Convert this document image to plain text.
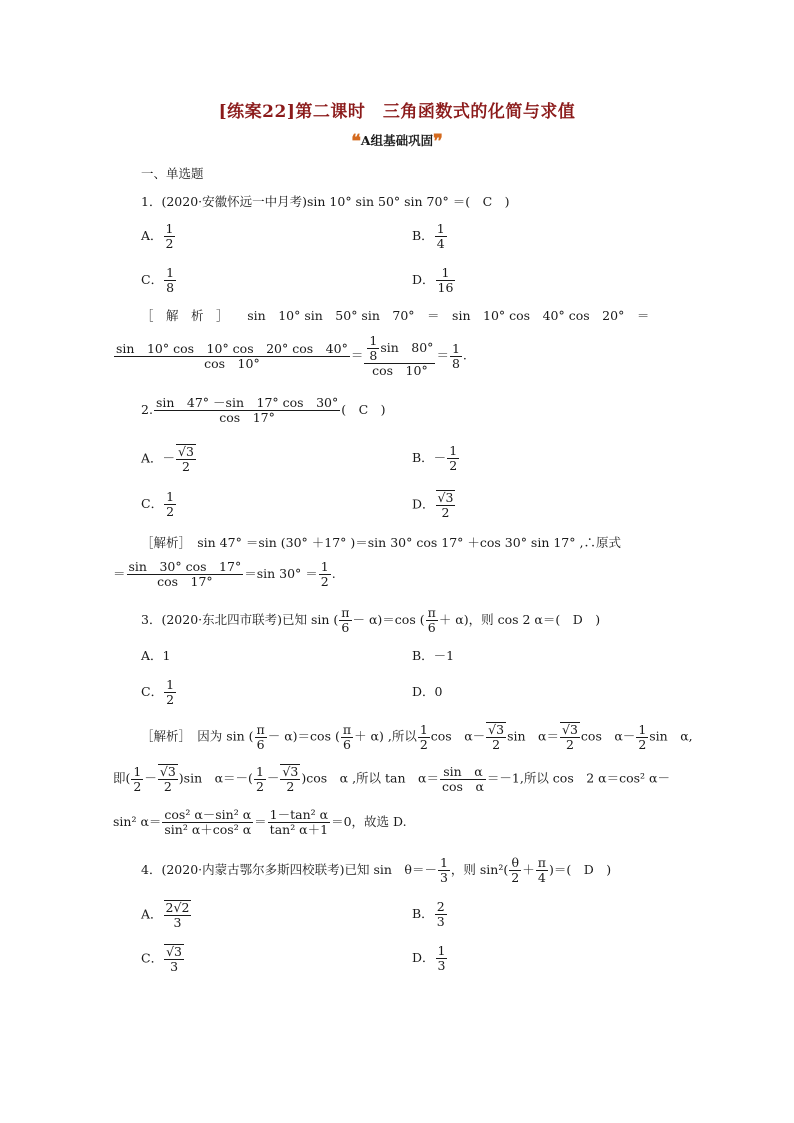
[练案22]第二课时　三角函数式的化简与求值
❝A组基础巩固❞
一、单选题
1．(2020·安徽怀远一中月考)sin 10° sin 50° sin 70° ＝(　C　)
A． $\frac{1}{2}$	B． $\frac{1}{4}$
C． $\frac{1}{8}$	D． $\frac{1}{16}$
［　解　析　］　　sin　10° sin　50° sin　70°　＝　sin　10° cos　40° cos　20°　＝
$\frac{\sin 10^\circ \cos 10^\circ \cos 20^\circ \cos 40^\circ}{\cos 10^\circ} = \frac{\frac{1}{8} \sin 80^\circ}{\cos 10^\circ} = \frac{1}{8}$ .
2. $\frac{\sin 47^\circ -\sin 17^\circ \cos 30^\circ}{\cos 17^\circ}$ (　C　)
A．－ $\frac{√3}{2}$	B．－ $\frac{1}{2}$
C． $\frac{1}{2}$	D． $\frac{√3}{2}$
［解析］　sin 47° ＝sin (30° ＋17° )＝sin 30° cos 17° ＋cos 30° sin 17° ,∴原式
＝ $\frac{\sin 30^\circ \cos 17^\circ}{\cos 17^\circ} =\sin$ $30^\circ = \frac{1}{2}$ .
3．(2020·东北四市联考)已知 sin ( $\frac{\pi}{6} - \alpha)=\cos$ ( $\frac{\pi}{6} + \alpha$)，则 cos 2 α＝(　D　)
A．1	B．－1
C． $\frac{1}{2}$	D．0
［解析］　因为 sin ( $\frac{\pi}{6} - \alpha)=\cos$ ( $\frac{\pi}{6} + \alpha$) ,所以 $\frac{1}{2}$ cos　$\alpha- \frac{√3}{2}$ sin　$\alpha= \frac{√3}{2}$ cos　$\alpha- \frac{1}{2}$ sin　α,
即( $\frac{1}{2} - \frac{√3}{2} )\sin$　$\alpha=-( \frac{1}{2} - \frac{√3}{2} )\cos$　α ,所以 tan　$\alpha= \frac{\text{sin　α}}{\text{cos　α}} =-1$,所以 cos　2 α＝cos² α－
sin² $\alpha= \frac{\text{cos² α－sin² α}}{\text{sin² α＋cos² α}} = \frac{\text{1－tan² α}}{\text{tan² α＋1}} =0$，故选 D.
4．(2020·内蒙古鄂尔多斯四校联考)已知 sin　$\theta=- \frac{1}{3}$ ，则 $\sin^2( \frac{\theta}{2} + \frac{\pi}{4}$ )＝(　D　)
A． $\frac{2√2}{3}$	B． $\frac{2}{3}$
C． $\frac{√3}{3}$	D． $\frac{1}{3}$
